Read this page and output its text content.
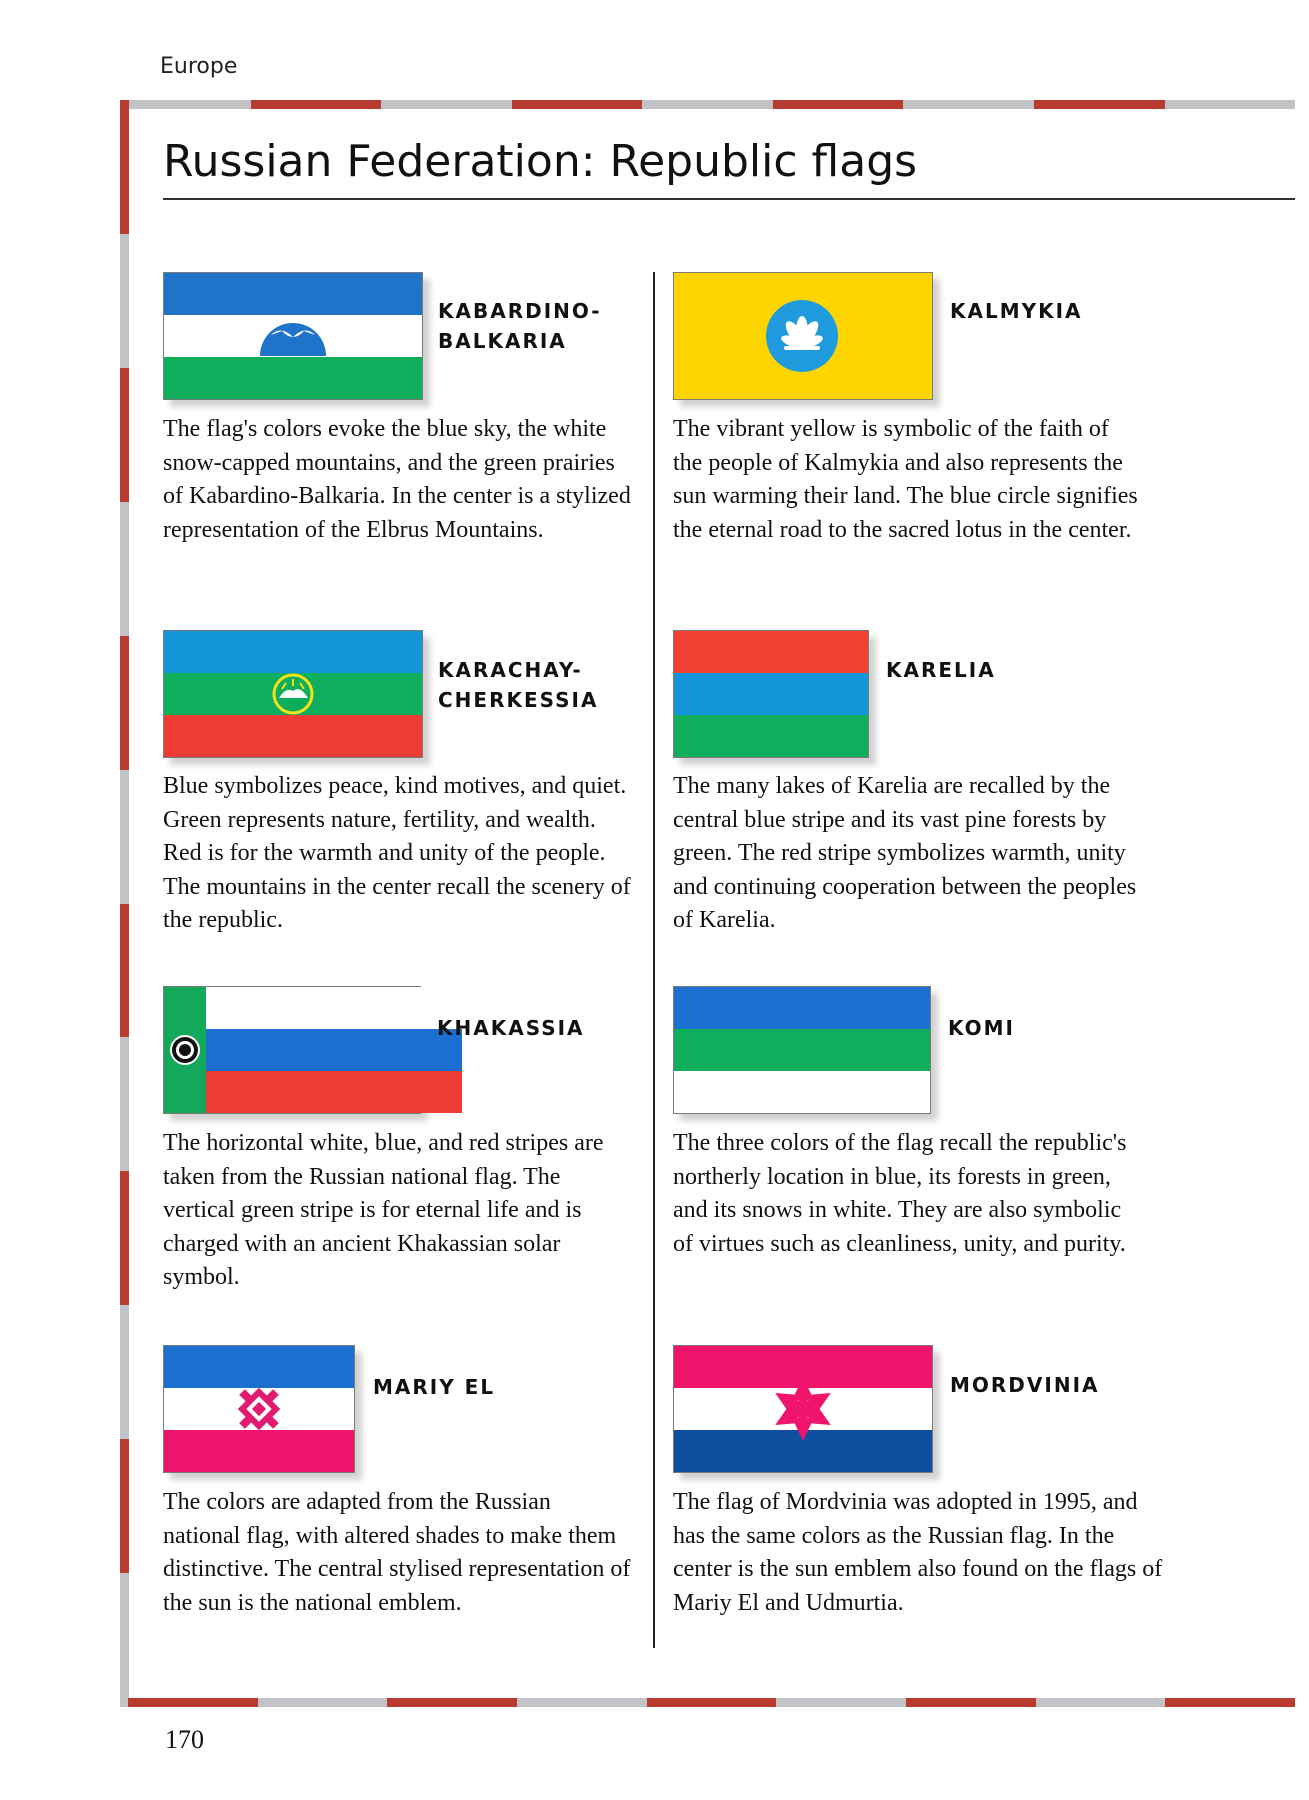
Europe
Russian Federation: Republic flags
KABARDINO-
BALKARIA
The flag's colors evoke the blue sky, the white snow-capped mountains, and the green prairies of Kabardino-Balkaria. In the center is a stylized representation of the Elbrus Mountains.
KALMYKIA
The vibrant yellow is symbolic of the faith of the people of Kalmykia and also represents the sun warming their land. The blue circle signifies the eternal road to the sacred lotus in the center.
KARACHAY-
CHERKESSIA
Blue symbolizes peace, kind motives, and quiet. Green represents nature, fertility, and wealth. Red is for the warmth and unity of the people. The mountains in the center recall the scenery of the republic.
KARELIA
The many lakes of Karelia are recalled by the central blue stripe and its vast pine forests by green. The red stripe symbolizes warmth, unity and continuing cooperation between the peoples of Karelia.
KHAKASSIA
The horizontal white, blue, and red stripes are taken from the Russian national flag. The vertical green stripe is for eternal life and is charged with an ancient Khakassian solar symbol.
KOMI
The three colors of the flag recall the republic's northerly location in blue, its forests in green, and its snows in white. They are also symbolic of virtues such as cleanliness, unity, and purity.
MARIY EL
The colors are adapted from the Russian national flag, with altered shades to make them distinctive. The central stylised representation of the sun is the national emblem.
MORDVINIA
The flag of Mordvinia was adopted in 1995, and has the same colors as the Russian flag. In the center is the sun emblem also found on the flags of Mariy El and Udmurtia.
170
